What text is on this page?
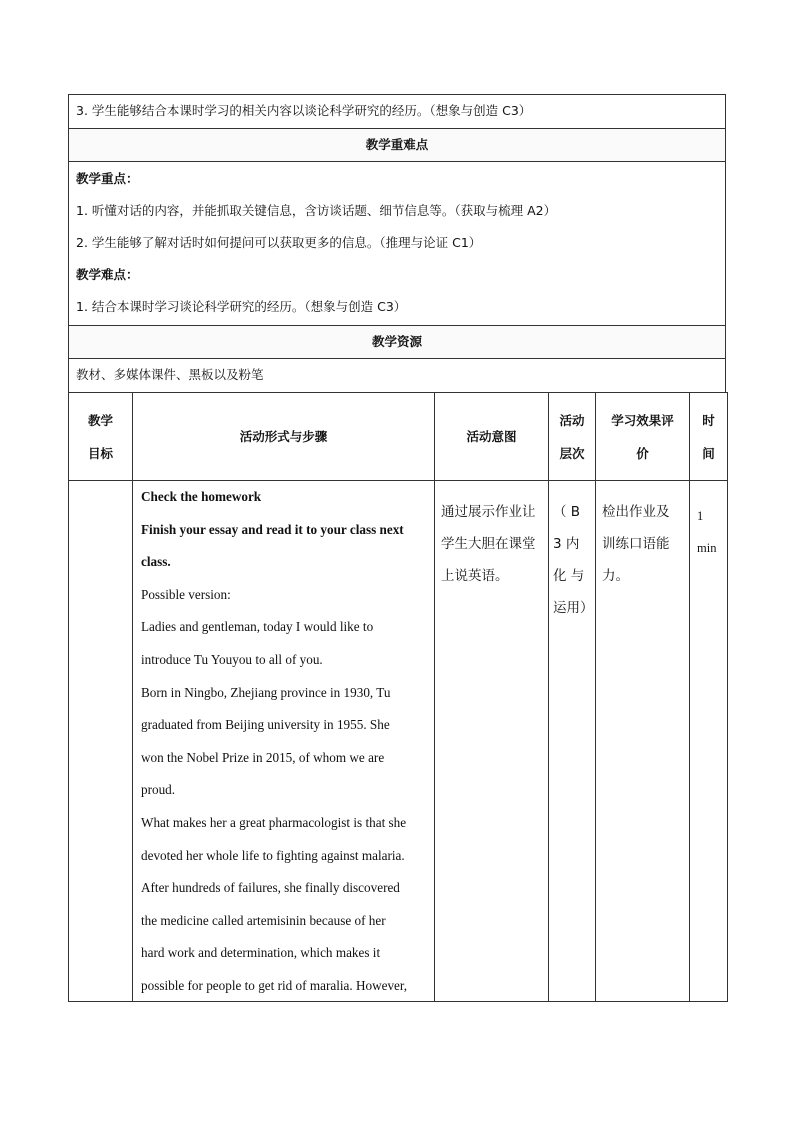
3. 学生能够结合本课时学习的相关内容以谈论科学研究的经历。（想象与创造 C3）
教学重难点
教学重点：
1. 听懂对话的内容，并能抓取关键信息，含访谈话题、细节信息等。（获取与梳理 A2）
2. 学生能够了解对话时如何提问可以获取更多的信息。（推理与论证 C1）
教学难点：
1. 结合本课时学习谈论科学研究的经历。（想象与创造 C3）
教学资源
教材、多媒体课件、黑板以及粉笔
教学
目标
活动形式与步骤	活动意图
活动
层次
学习效果评
价
时
间
Check the homework
Finish your essay and read it to your class next
class.
Possible version:
Ladies and gentleman, today I would like to
introduce Tu Youyou to all of you.
Born in Ningbo, Zhejiang province in 1930, Tu
graduated from Beijing university in 1955. She
won the Nobel Prize in 2015, of whom we are
proud.
What makes her a great pharmacologist is that she
devoted her whole life to fighting against malaria.
After hundreds of failures, she finally discovered
the medicine called artemisinin because of her
hard work and determination, which makes it
possible for people to get rid of maralia. However,
通过展示作业让
学生大胆在课堂
上说英语。
（ B
3 内
化 与
运用）
检出作业及
训练口语能
力。
1
min
